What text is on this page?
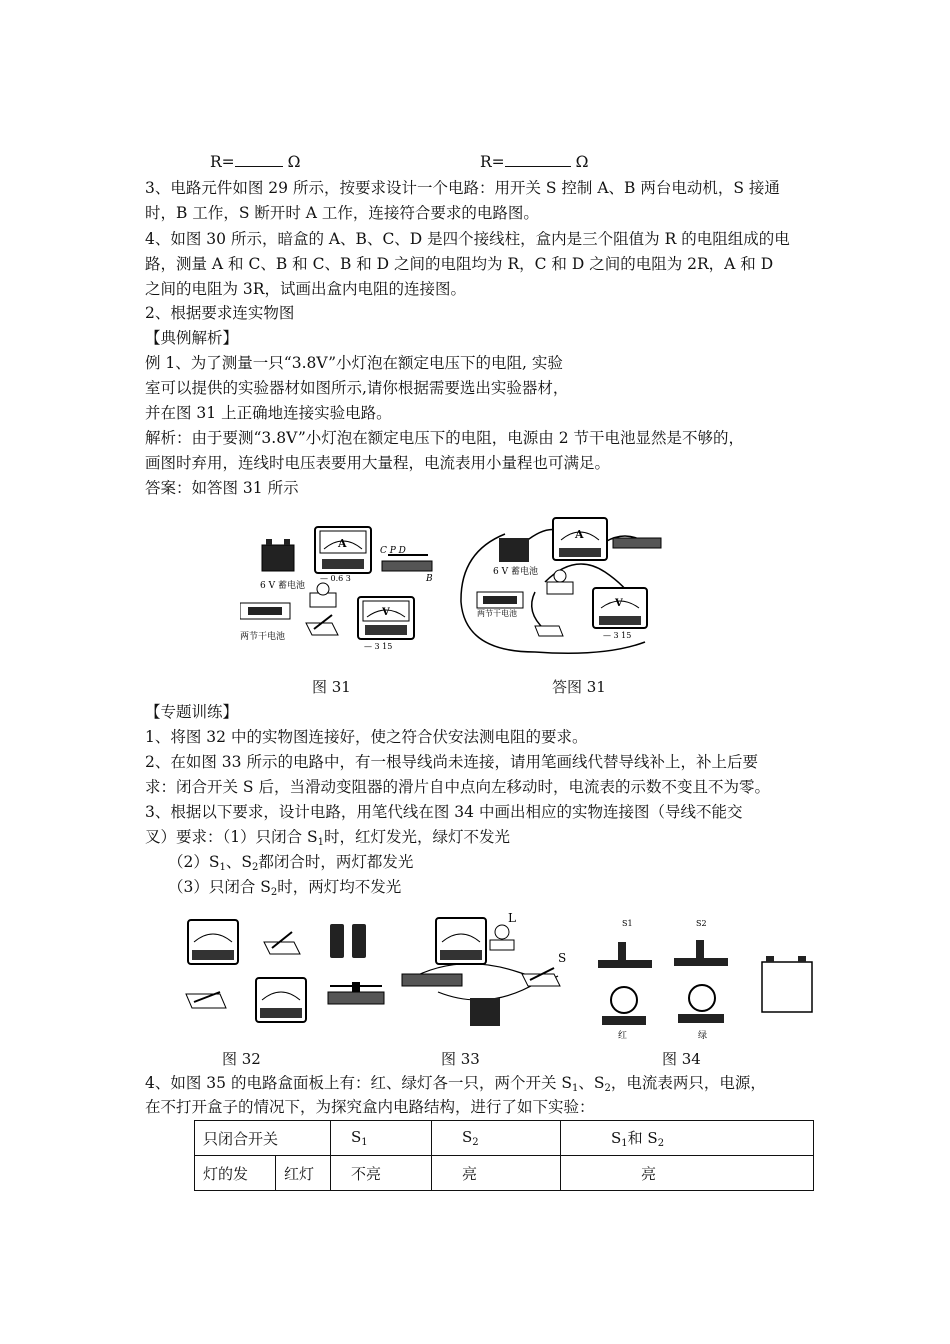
R=	Ω	R=	Ω
3、电路元件如图 29 所示，按要求设计一个电路：用开关 S 控制 A、B 两台电动机，S 接通
时，B 工作，S 断开时 A 工作，连接符合要求的电路图。
4、如图 30 所示，暗盒的 A、B、C、D 是四个接线柱，盒内是三个阻值为 R 的电阻组成的电
路，测量 A 和 C、B 和 C、B 和 D 之间的电阻均为 R，C 和 D 之间的电阻为 2R，A 和 D
之间的电阻为 3R，试画出盒内电阻的连接图。
2、根据要求连实物图
【典例解析】
例 1、为了测量一只“3.8V”小灯泡在额定电压下的电阻, 实验
室可以提供的实验器材如图所示,请你根据需要选出实验器材，
并在图 31 上正确地连接实验电路。
解析：由于要测“3.8V”小灯泡在额定电压下的电阻，电源由 2 节干电池显然是不够的，
画图时弃用，连线时电压表要用大量程，电流表用小量程也可满足。
答案：如答图 31 所示
6 V 蓄电池
A
— 0.6 3
C P D
B
两节干电池
V
— 3 15
6 V 蓄电池
A
两节干电池
V
— 3 15
图 31	答图 31
【专题训练】
1、将图 32 中的实物图连接好，使之符合伏安法测电阻的要求。
2、在如图 33 所示的电路中，有一根导线尚未连接，请用笔画线代替导线补上，补上后要
求：闭合开关 S 后，当滑动变阻器的滑片自中点向左移动时，电流表的示数不变且不为零。
3、根据以下要求，设计电路，用笔代线在图 34 中画出相应的实物连接图（导线不能交
叉）要求：（1）只闭合 $S_1$时，红灯发光，绿灯不发光
$(2)S_1$、$S_2$都闭合时，两灯都发光
（3）只闭合 $S_2$时，两灯均不发光
L
S
S1	S2
红	绿
图 32	图 33	图 34
4、如图 35 的电路盒面板上有：红、绿灯各一只，两个开关 $S_1$、$S_2$，电流表两只，电源，
在不打开盒子的情况下，为探究盒内电路结构，进行了如下实验：
只闭合开关		$S_1$	$S_2$	$S_1$和 $S_2$
灯的发	红灯	不亮	亮	亮
